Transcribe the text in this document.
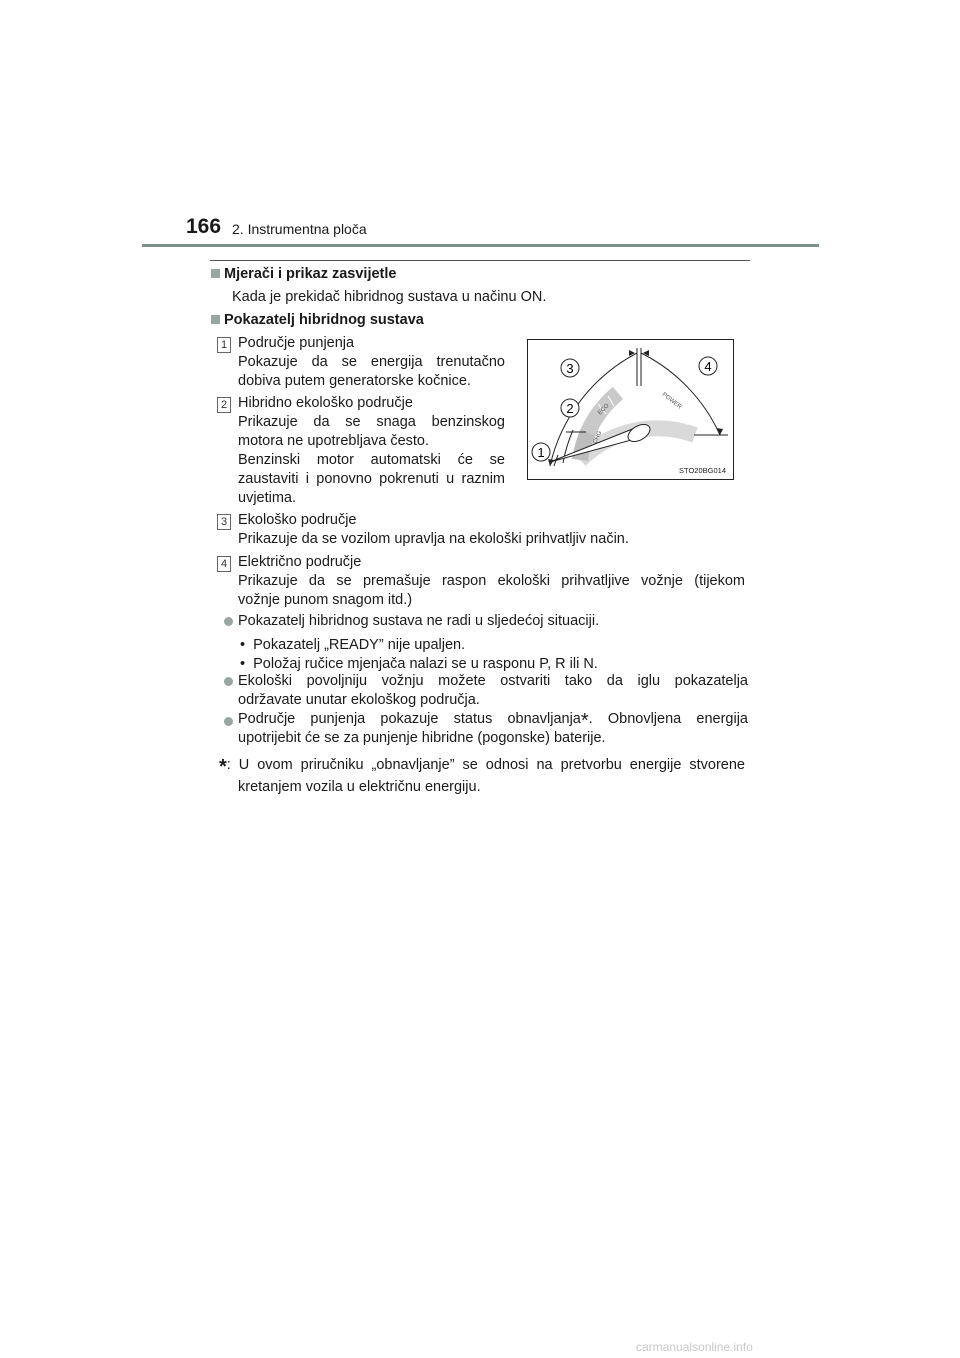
166 2. Instrumentna ploča
Mjerači i prikaz zasvijetle
Kada je prekidač hibridnog sustava u načinu ON.
Pokazatelj hibridnog sustava
1 Područje punjenja
Pokazuje da se energija trenutačno
dobiva putem generatorske kočnice.
2 Hibridno ekološko područje
Prikazuje da se snaga benzinskog
motora ne upotrebljava često.
Benzinski motor automatski će se
zaustaviti i ponovno pokrenuti u raznim
uvjetima.
CHG
ECO	POWER
1
2
3	4
STO20BG014
3 Ekološko područje
Prikazuje da se vozilom upravlja na ekološki prihvatljiv način.
4 Električno područje
Prikazuje da se premašuje raspon ekološki prihvatljive vožnje (tijekom
vožnje punom snagom itd.)
Pokazatelj hibridnog sustava ne radi u sljedećoj situaciji.
•  Pokazatelj „READY” nije upaljen.
•  Položaj ručice mjenjača nalazi se u rasponu P, R ili N.
Ekološki povoljniju vožnju možete ostvariti tako da iglu pokazatelja
održavate unutar ekološkog područja.
Područje punjenja pokazuje status obnavljanja*. Obnovljena energija
upotrijebit će se za punjenje hibridne (pogonske) baterije.
*: U ovom priručniku „obnavljanje” se odnosi na pretvorbu energije stvorene
kretanjem vozila u električnu energiju.
carmanualsonline.info
